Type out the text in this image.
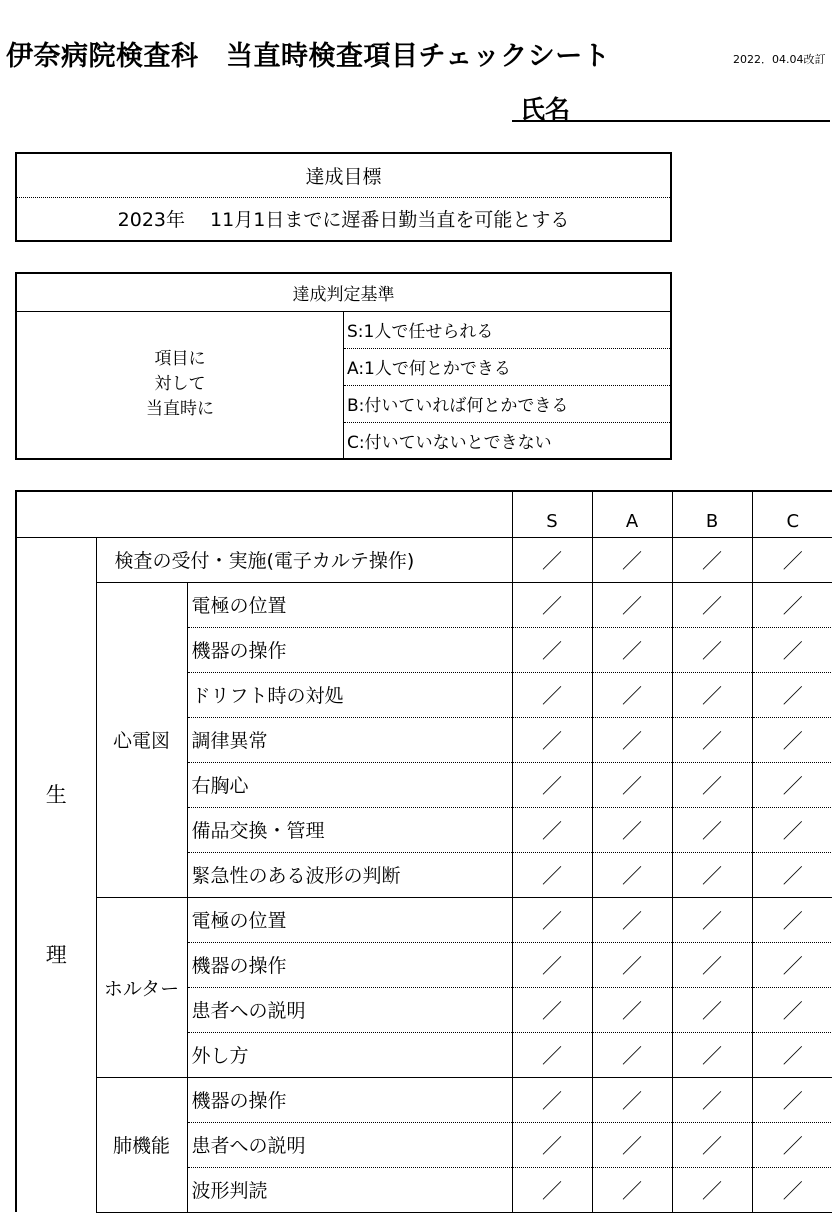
伊奈病院検査科　当直時検査項目チェックシート	2022．04.04改訂
氏名
達成目標
2023年　 11月1日までに遅番日勤当直を可能とする
達成判定基準
項目に
対して
当直時に	S:1人で任せられる
A:1人で何とかできる
B:付いていれば何とかできる
C:付いていないとできない
			S	A	B	C
生
理	検査の受付・実施(電子カルテ操作)		／	／	／	／
	心電図	電極の位置	／	／	／	／
		機器の操作	／	／	／	／
		ドリフト時の対処	／	／	／	／
		調律異常	／	／	／	／
		右胸心	／	／	／	／
		備品交換・管理	／	／	／	／
		緊急性のある波形の判断	／	／	／	／
	ホルター	電極の位置	／	／	／	／
		機器の操作	／	／	／	／
		患者への説明	／	／	／	／
		外し方	／	／	／	／
	肺機能	機器の操作	／	／	／	／
		患者への説明	／	／	／	／
		波形判読	／	／	／	／
